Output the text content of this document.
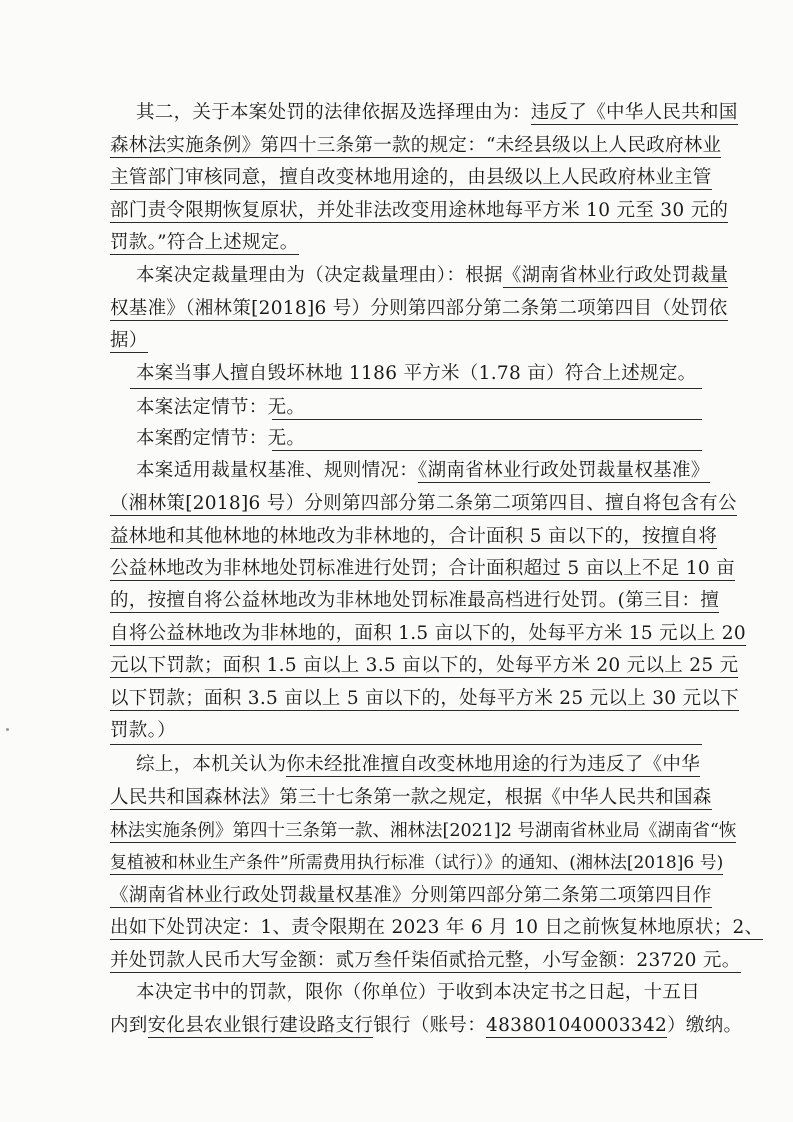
其二，关于本案处罚的法律依据及选择理由为：违反了《中华人民共和国
森林法实施条例》第四十三条第一款的规定：“未经县级以上人民政府林业
主管部门审核同意，擅自改变林地用途的，由县级以上人民政府林业主管
部门责令限期恢复原状，并处非法改变用途林地每平方米 10 元至 30 元的
罚款。”符合上述规定。
本案决定裁量理由为（决定裁量理由）：根据《湖南省林业行政处罚裁量
权基准》（湘林策[2018]6 号）分则第四部分第二条第二项第四目（处罚依
据）
本案当事人擅自毁坏林地 1186 平方米（1.78 亩）符合上述规定。
本案法定情节：无。
本案酌定情节：无。
本案适用裁量权基准、规则情况：《湖南省林业行政处罚裁量权基准》
（湘林策[2018]6 号）分则第四部分第二条第二项第四目、擅自将包含有公
益林地和其他林地的林地改为非林地的，合计面积 5 亩以下的，按擅自将
公益林地改为非林地处罚标准进行处罚；合计面积超过 5 亩以上不足 10 亩
的，按擅自将公益林地改为非林地处罚标准最高档进行处罚。(第三目：擅
自将公益林地改为非林地的，面积 1.5 亩以下的，处每平方米 15 元以上 20
元以下罚款；面积 1.5 亩以上 3.5 亩以下的，处每平方米 20 元以上 25 元
以下罚款；面积 3.5 亩以上 5 亩以下的，处每平方米 25 元以上 30 元以下
罚款。）
综上，本机关认为你未经批准擅自改变林地用途的行为违反了《中华
人民共和国森林法》第三十七条第一款之规定，根据《中华人民共和国森
林法实施条例》第四十三条第一款、湘林法[2021]2 号湖南省林业局《湖南省“恢
复植被和林业生产条件”所需费用执行标准（试行）》的通知、(湘林法[2018]6 号)
《湖南省林业行政处罚裁量权基准》分则第四部分第二条第二项第四目作
出如下处罚决定：1、责令限期在 2023 年 6 月 10 日之前恢复林地原状；2、
并处罚款人民币大写金额：贰万叁仟柒佰贰拾元整，小写金额：23720 元。
本决定书中的罚款，限你（你单位）于收到本决定书之日起，十五日
内到安化县农业银行建设路支行银行（账号：483801040003342）缴纳。
